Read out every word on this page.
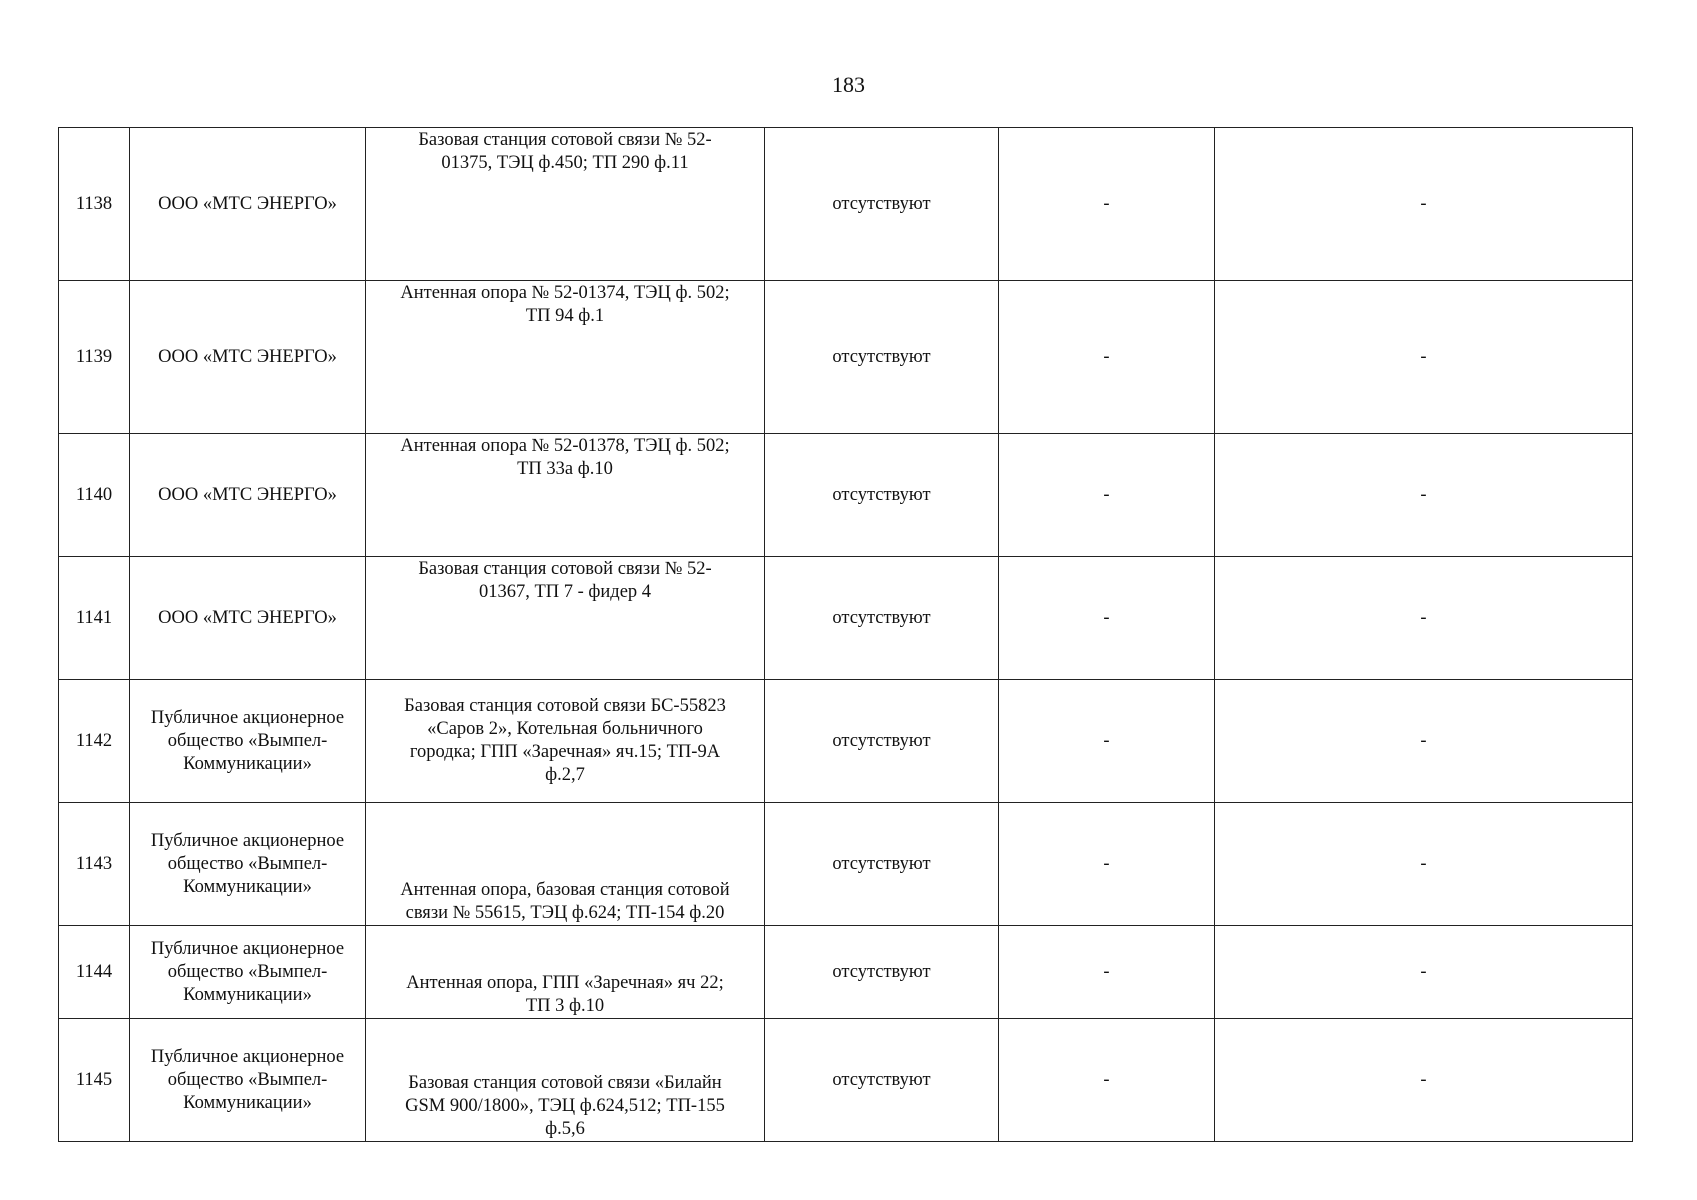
183
1138	ООО «МТС ЭНЕРГО»	Базовая станция сотовой связи № 52-
01375, ТЭЦ ф.450; ТП 290 ф.11	отсутствуют	-	-
1139	ООО «МТС ЭНЕРГО»	Антенная опора № 52-01374, ТЭЦ ф. 502;
ТП 94 ф.1	отсутствуют	-	-
1140	ООО «МТС ЭНЕРГО»	Антенная опора № 52-01378, ТЭЦ ф. 502;
ТП 33а ф.10	отсутствуют	-	-
1141	ООО «МТС ЭНЕРГО»	Базовая станция сотовой связи № 52-
01367, ТП 7 - фидер 4	отсутствуют	-	-
1142	Публичное акционерное
общество «Вымпел-
Коммуникации»	Базовая станция сотовой связи БС-55823
«Саров 2», Котельная больничного
городка; ГПП «Заречная» яч.15; ТП-9А
ф.2,7	отсутствуют	-	-
1143	Публичное акционерное
общество «Вымпел-
Коммуникации»	Антенная опора, базовая станция сотовой
связи № 55615, ТЭЦ ф.624; ТП-154 ф.20	отсутствуют	-	-
1144	Публичное акционерное
общество «Вымпел-
Коммуникации»	Антенная опора, ГПП «Заречная» яч 22;
ТП 3 ф.10	отсутствуют	-	-
1145	Публичное акционерное
общество «Вымпел-
Коммуникации»	Базовая станция сотовой связи «Билайн
GSM 900/1800», ТЭЦ ф.624,512; ТП-155
ф.5,6	отсутствуют	-	-
